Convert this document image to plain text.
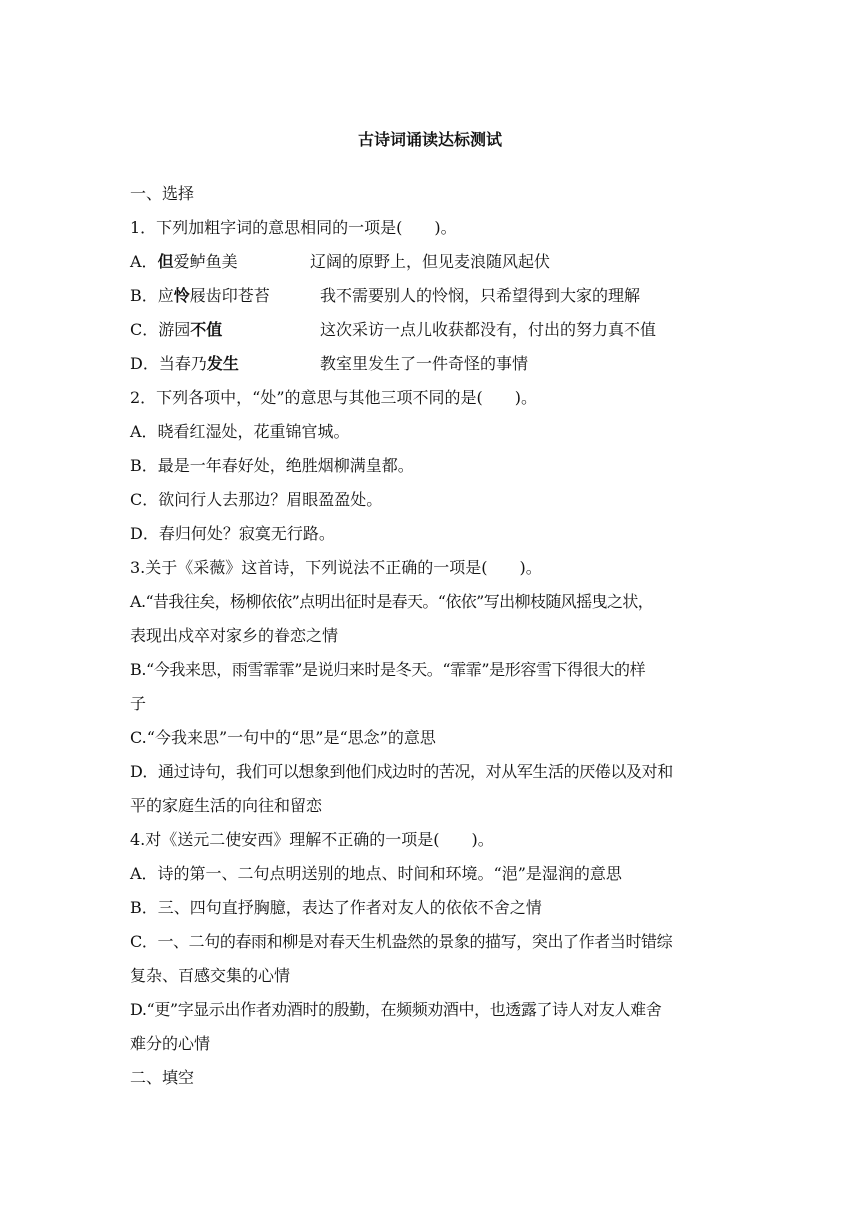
古诗词诵读达标测试
一、选择
1．下列加粗字词的意思相同的一项是(　　)。
A．但爱鲈鱼美	辽阔的原野上，但见麦浪随风起伏
B．应怜屐齿印苍苔	我不需要别人的怜悯，只希望得到大家的理解
C．游园不值	这次采访一点儿收获都没有，付出的努力真不值
D．当春乃发生	教室里发生了一件奇怪的事情
2．下列各项中，“处”的意思与其他三项不同的是(　　)。
A．晓看红湿处，花重锦官城。
B．最是一年春好处，绝胜烟柳满皇都。
C．欲问行人去那边？眉眼盈盈处。
D．春归何处？寂寞无行路。
3.关于《采薇》这首诗，下列说法不正确的一项是(　　)。
A.“昔我往矣，杨柳依依”点明出征时是春天。“依依”写出柳枝随风摇曳之状，
表现出戍卒对家乡的眷恋之情
B.“今我来思，雨雪霏霏”是说归来时是冬天。“霏霏”是形容雪下得很大的样
子
C.“今我来思”一句中的“思”是“思念”的意思
D．通过诗句，我们可以想象到他们戍边时的苦况，对从军生活的厌倦以及对和
平的家庭生活的向往和留恋
4.对《送元二使安西》理解不正确的一项是(　　)。
A．诗的第一、二句点明送别的地点、时间和环境。“浥”是湿润的意思
B．三、四句直抒胸臆，表达了作者对友人的依依不舍之情
C．一、二句的春雨和柳是对春天生机盎然的景象的描写，突出了作者当时错综
复杂、百感交集的心情
D.“更”字显示出作者劝酒时的殷勤，在频频劝酒中，也透露了诗人对友人难舍
难分的心情
二、填空
